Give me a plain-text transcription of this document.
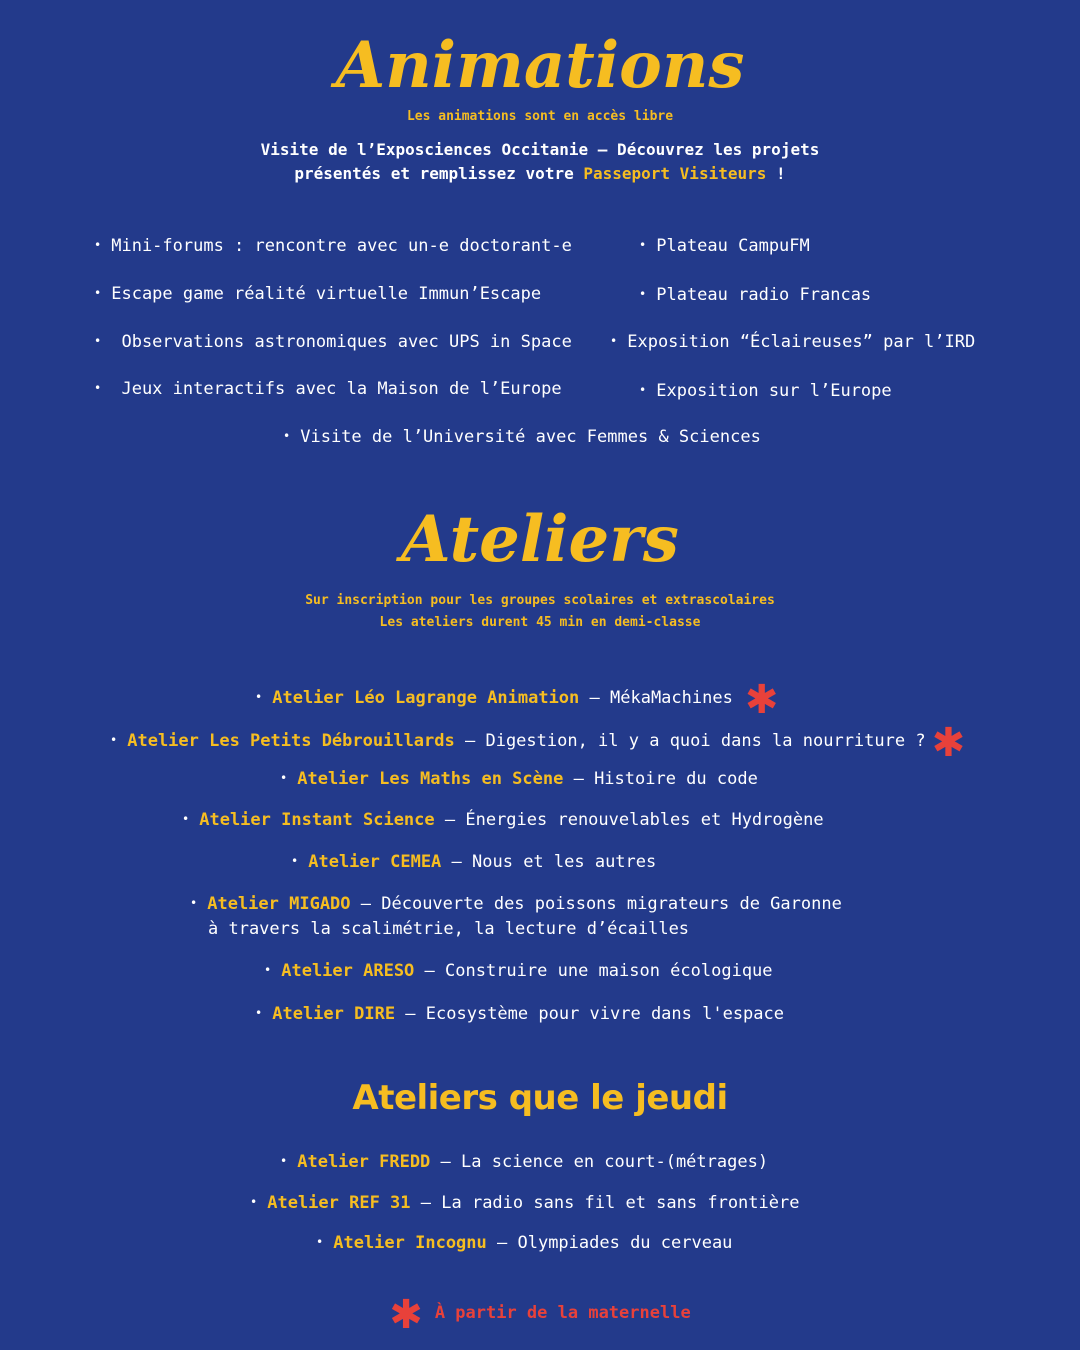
Animations
Les animations sont en accès libre
Visite de l’Exposciences Occitanie – Découvrez les projets
présentés et remplissez votre Passeport Visiteurs !
• Mini-forums : rencontre avec un-e doctorant-e
• Escape game réalité virtuelle Immun’Escape
• Observations astronomiques avec UPS in Space
• Jeux interactifs avec la Maison de l’Europe
• Plateau CampuFM
• Plateau radio Francas
• Exposition “Éclaireuses” par l’IRD
• Exposition sur l’Europe
• Visite de l’Université avec Femmes & Sciences
Ateliers
Sur inscription pour les groupes scolaires et extrascolaires
Les ateliers durent 45 min en demi-classe
• Atelier Léo Lagrange Animation – MékaMachines ✱
• Atelier Les Petits Débrouillards – Digestion, il y a quoi dans la nourriture ? ✱
• Atelier Les Maths en Scène – Histoire du code
• Atelier Instant Science – Énergies renouvelables et Hydrogène
• Atelier CEMEA – Nous et les autres
• Atelier MIGADO – Découverte des poissons migrateurs de Garonne
à travers la scalimétrie, la lecture d’écailles
• Atelier ARESO – Construire une maison écologique
• Atelier DIRE – Ecosystème pour vivre dans l'espace
Ateliers que le jeudi
• Atelier FREDD – La science en court-(métrages)
• Atelier REF 31 – La radio sans fil et sans frontière
• Atelier Incognu – Olympiades du cerveau
✱ À partir de la maternelle
